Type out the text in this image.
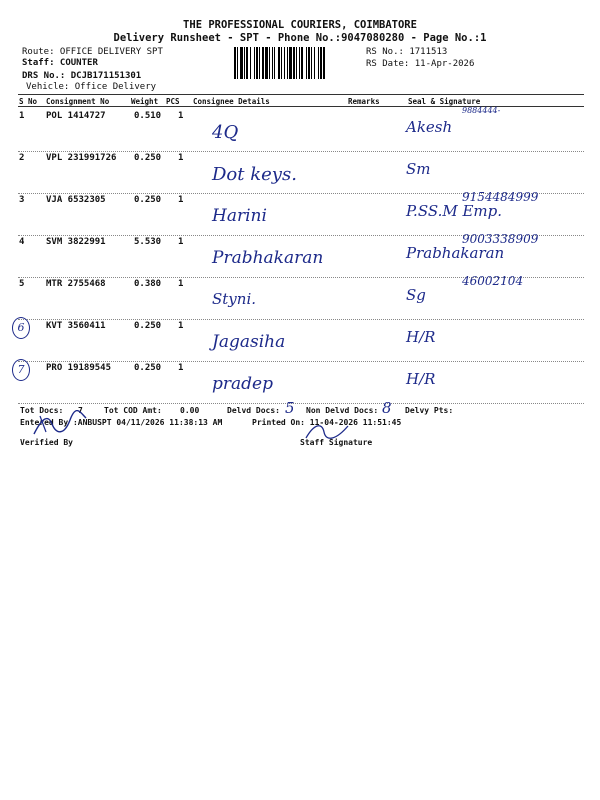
THE PROFESSIONAL COURIERS, COIMBATORE
Delivery Runsheet - SPT - Phone No.:9047080280 - Page No.:1
Route: OFFICE DELIVERY SPT
Staff: COUNTER
DRS No.: DCJB171151301
Vehicle: Office Delivery
RS No.: 1711513
RS Date: 11-Apr-2026
S No Consignment No	Weight PCS Consignee Details	Remarks	Seal & Signature
1 POL 1414727	0.510 1
4Q	Akesh
9884444-
2 VPL 231991726 0.250 1
Dot keys.	Sm
3 VJA 6532305	0.250 1
Harini	P.SS.M Emp.
9154484999
4 SVM 3822991	5.530 1
Prabhakaran	Prabhakaran
9003338909
5 MTR 2755468	0.380 1
Styni.	Sg
46002104
6	KVT 3560411	0.250 1
Jagasiha	H/R
7	PRO 19189545	0.250 1
pradep	H/R
Tot Docs: 7	Tot COD Amt: 0.00	Delvd Docs: 5 Non Delvd Docs: 8 Delvy Pts:
Entered By :ANBUSPT 04/11/2026 11:38:13 AM	Printed On: 11-04-2026 11:51:45
Verified By	Staff Signature
